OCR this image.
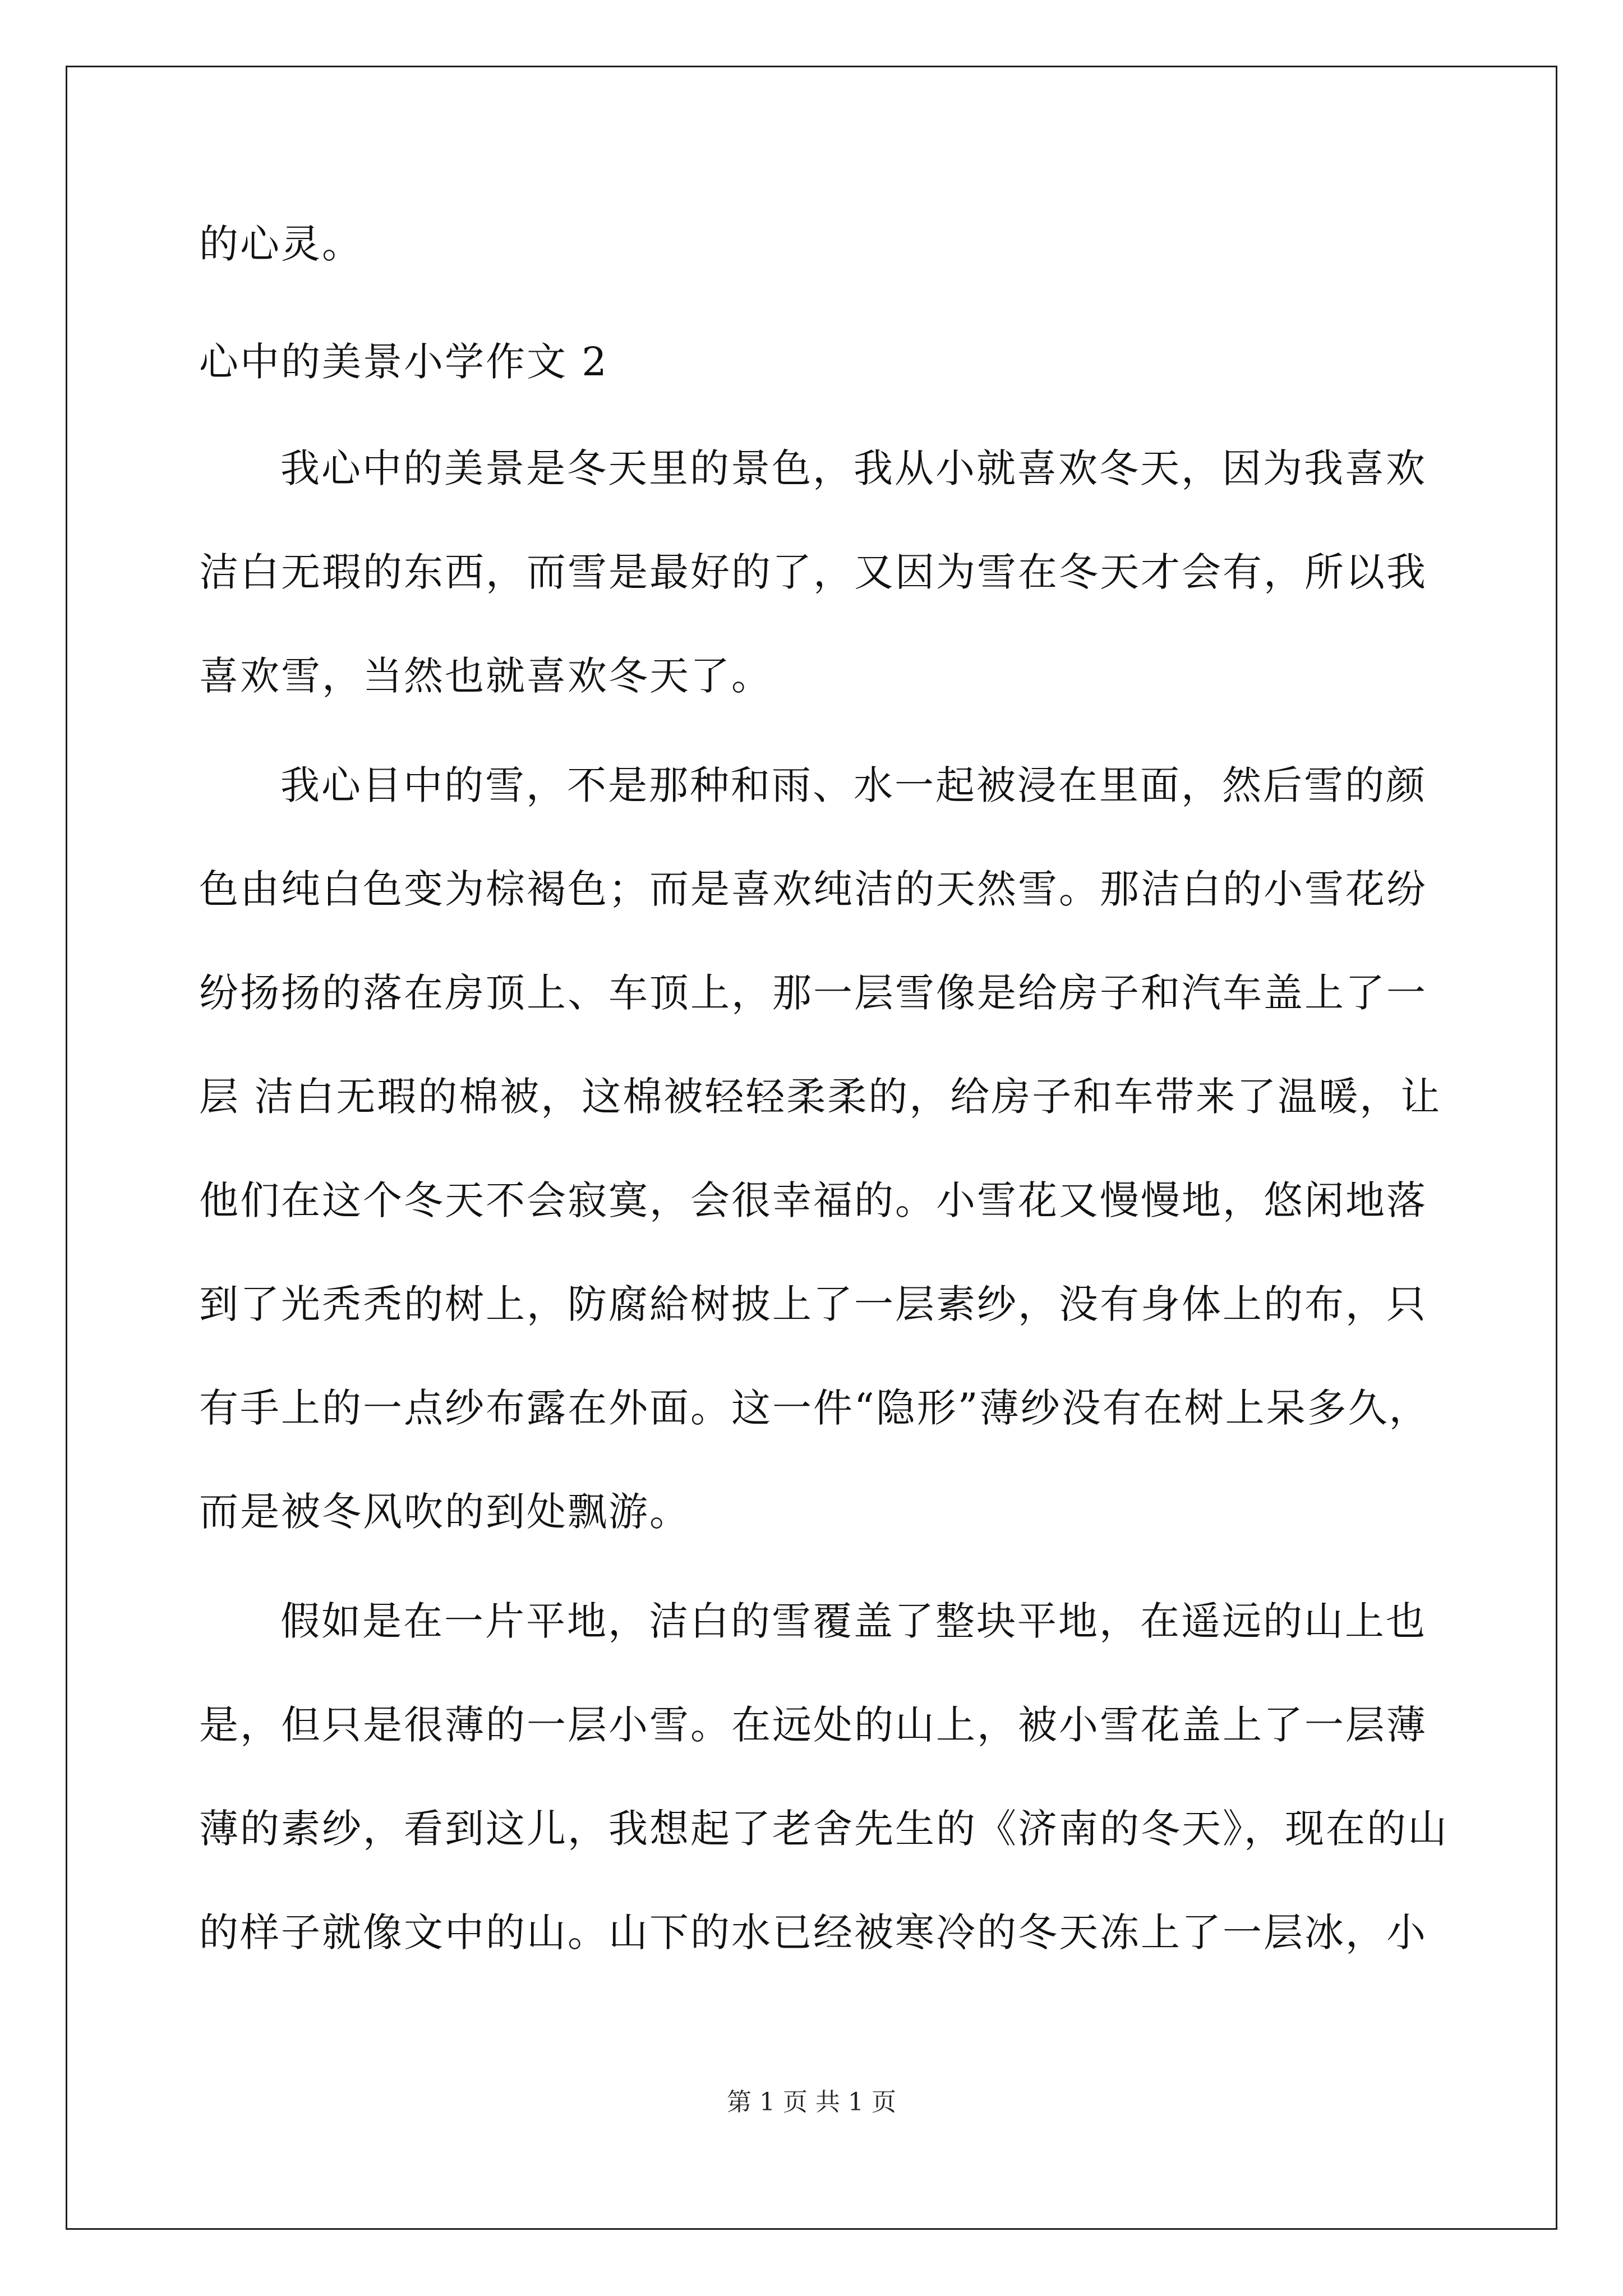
的心灵。
心中的美景小学作文 2
我心中的美景是冬天里的景色，我从小就喜欢冬天，因为我喜欢
洁白无瑕的东西，而雪是最好的了，又因为雪在冬天才会有，所以我
喜欢雪，当然也就喜欢冬天了。
我心目中的雪，不是那种和雨、水一起被浸在里面，然后雪的颜
色由纯白色变为棕褐色；而是喜欢纯洁的天然雪。那洁白的小雪花纷
纷扬扬的落在房顶上、车顶上，那一层雪像是给房子和汽车盖上了一
层 洁白无瑕的棉被，这棉被轻轻柔柔的，给房子和车带来了温暖，让
他们在这个冬天不会寂寞，会很幸福的。小雪花又慢慢地，悠闲地落
到了光秃秃的树上，防腐給树披上了一层素纱，没有身体上的布，只
有手上的一点纱布露在外面。这一件“隐形”薄纱没有在树上呆多久，
而是被冬风吹的到处飘游。
假如是在一片平地，洁白的雪覆盖了整块平地，在遥远的山上也
是，但只是很薄的一层小雪。在远处的山上，被小雪花盖上了一层薄
薄的素纱，看到这儿，我想起了老舍先生的《济南的冬天》，现在的山
的样子就像文中的山。山下的水已经被寒冷的冬天冻上了一层冰，小
第 1 页 共 1 页
